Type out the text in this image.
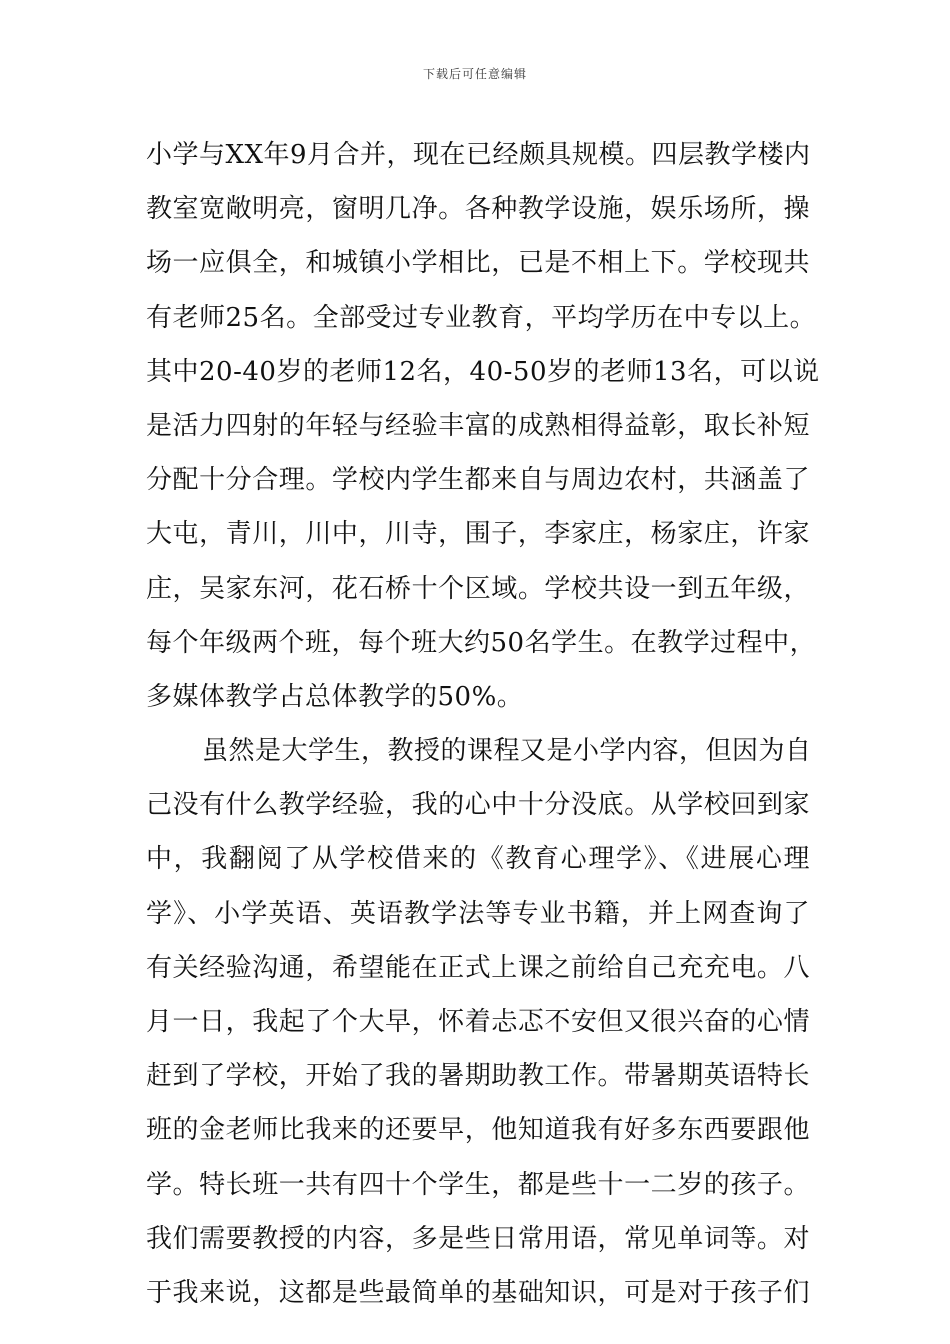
下载后可任意编辑
小学与XX年9月合并，现在已经颇具规模。四层教学楼内
教室宽敞明亮，窗明几净。各种教学设施，娱乐场所，操
场一应俱全，和城镇小学相比，已是不相上下。学校现共
有老师25名。全部受过专业教育，平均学历在中专以上。
其中20-40岁的老师12名，40-50岁的老师13名，可以说
是活力四射的年轻与经验丰富的成熟相得益彰，取长补短
分配十分合理。学校内学生都来自与周边农村，共涵盖了
大屯，青川，川中，川寺，围子，李家庄，杨家庄，许家
庄，吴家东河，花石桥十个区域。学校共设一到五年级，
每个年级两个班，每个班大约50名学生。在教学过程中，
多媒体教学占总体教学的50%。
虽然是大学生，教授的课程又是小学内容，但因为自
己没有什么教学经验，我的心中十分没底。从学校回到家
中，我翻阅了从学校借来的《教育心理学》、《进展心理
学》、小学英语、英语教学法等专业书籍，并上网查询了
有关经验沟通，希望能在正式上课之前给自己充充电。八
月一日，我起了个大早，怀着忐忑不安但又很兴奋的心情
赶到了学校，开始了我的暑期助教工作。带暑期英语特长
班的金老师比我来的还要早，他知道我有好多东西要跟他
学。特长班一共有四十个学生，都是些十一二岁的孩子。
我们需要教授的内容，多是些日常用语，常见单词等。对
于我来说，这都是些最简单的基础知识，可是对于孩子们
